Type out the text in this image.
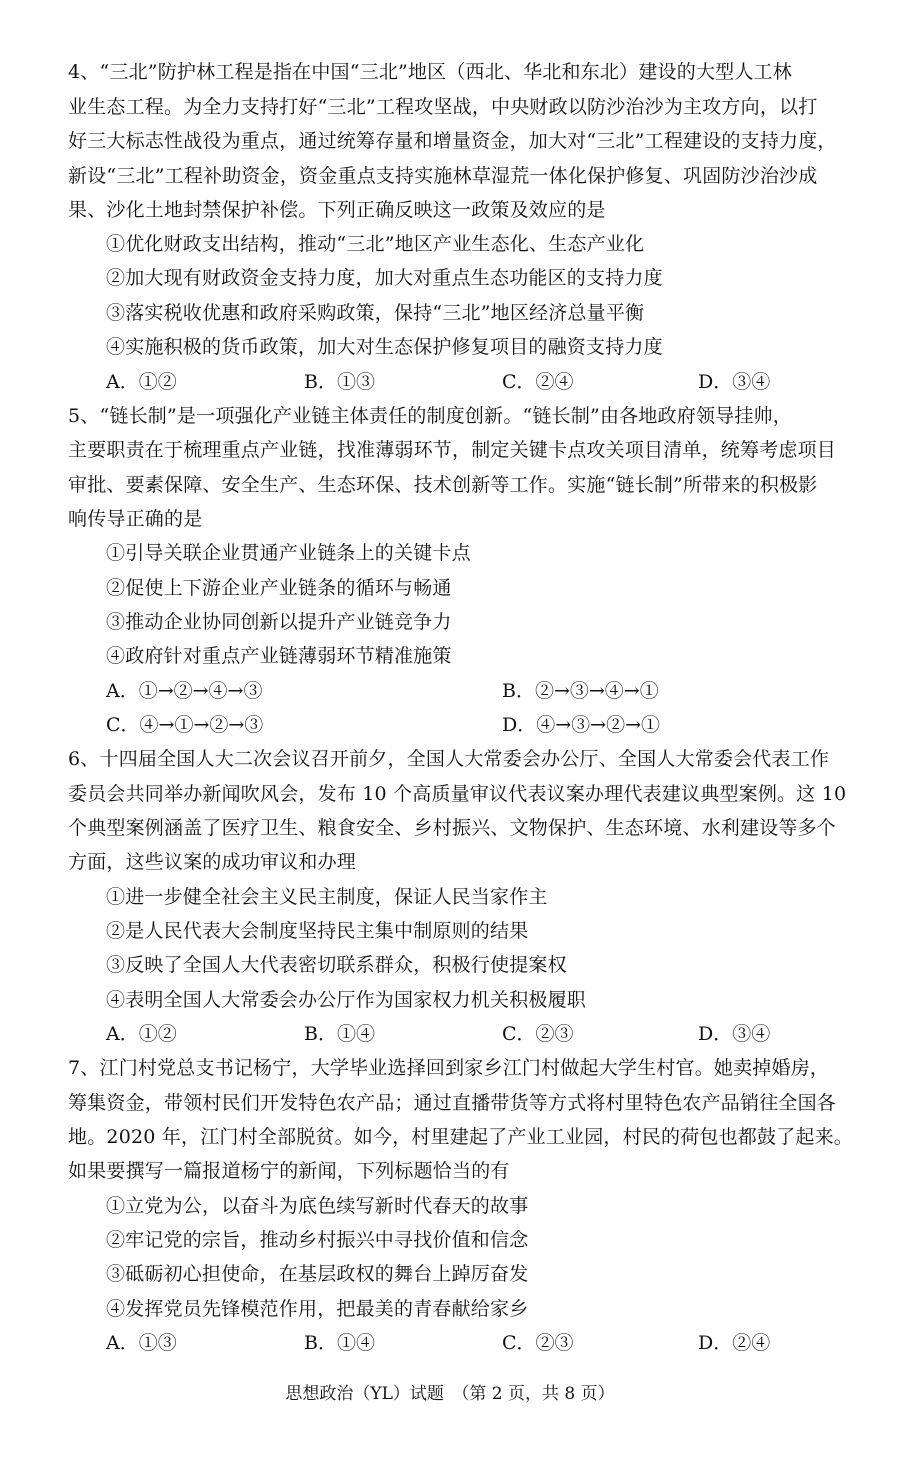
4、“三北”防护林工程是指在中国“三北”地区（西北、华北和东北）建设的大型人工林
业生态工程。为全力支持打好“三北”工程攻坚战，中央财政以防沙治沙为主攻方向，以打
好三大标志性战役为重点，通过统筹存量和增量资金，加大对“三北”工程建设的支持力度，
新设“三北”工程补助资金，资金重点支持实施林草湿荒一体化保护修复、巩固防沙治沙成
果、沙化土地封禁保护补偿。下列正确反映这一政策及效应的是
①优化财政支出结构，推动“三北”地区产业生态化、生态产业化
②加大现有财政资金支持力度，加大对重点生态功能区的支持力度
③落实税收优惠和政府采购政策，保持“三北”地区经济总量平衡
④实施积极的货币政策，加大对生态保护修复项目的融资支持力度
A．①②	B．①③	C．②④	D．③④
5、“链长制”是一项强化产业链主体责任的制度创新。“链长制”由各地政府领导挂帅，
主要职责在于梳理重点产业链，找准薄弱环节，制定关键卡点攻关项目清单，统筹考虑项目
审批、要素保障、安全生产、生态环保、技术创新等工作。实施“链长制”所带来的积极影
响传导正确的是
①引导关联企业贯通产业链条上的关键卡点
②促使上下游企业产业链条的循环与畅通
③推动企业协同创新以提升产业链竞争力
④政府针对重点产业链薄弱环节精准施策
A．①→②→④→③	B．②→③→④→①
C．④→①→②→③	D．④→③→②→①
6、十四届全国人大二次会议召开前夕，全国人大常委会办公厅、全国人大常委会代表工作
委员会共同举办新闻吹风会，发布 10 个高质量审议代表议案办理代表建议典型案例。这 10
个典型案例涵盖了医疗卫生、粮食安全、乡村振兴、文物保护、生态环境、水利建设等多个
方面，这些议案的成功审议和办理
①进一步健全社会主义民主制度，保证人民当家作主
②是人民代表大会制度坚持民主集中制原则的结果
③反映了全国人大代表密切联系群众，积极行使提案权
④表明全国人大常委会办公厅作为国家权力机关积极履职
A．①②	B．①④	C．②③	D．③④
7、江门村党总支书记杨宁，大学毕业选择回到家乡江门村做起大学生村官。她卖掉婚房，
筹集资金，带领村民们开发特色农产品；通过直播带货等方式将村里特色农产品销往全国各
地。2020 年，江门村全部脱贫。如今，村里建起了产业工业园，村民的荷包也都鼓了起来。
如果要撰写一篇报道杨宁的新闻，下列标题恰当的有
①立党为公，以奋斗为底色续写新时代春天的故事
②牢记党的宗旨，推动乡村振兴中寻找价值和信念
③砥砺初心担使命，在基层政权的舞台上踔厉奋发
④发挥党员先锋模范作用，把最美的青春献给家乡
A．①③	B．①④	C．②③	D．②④
思想政治（YL）试题　（第 2 页，共 8 页）
